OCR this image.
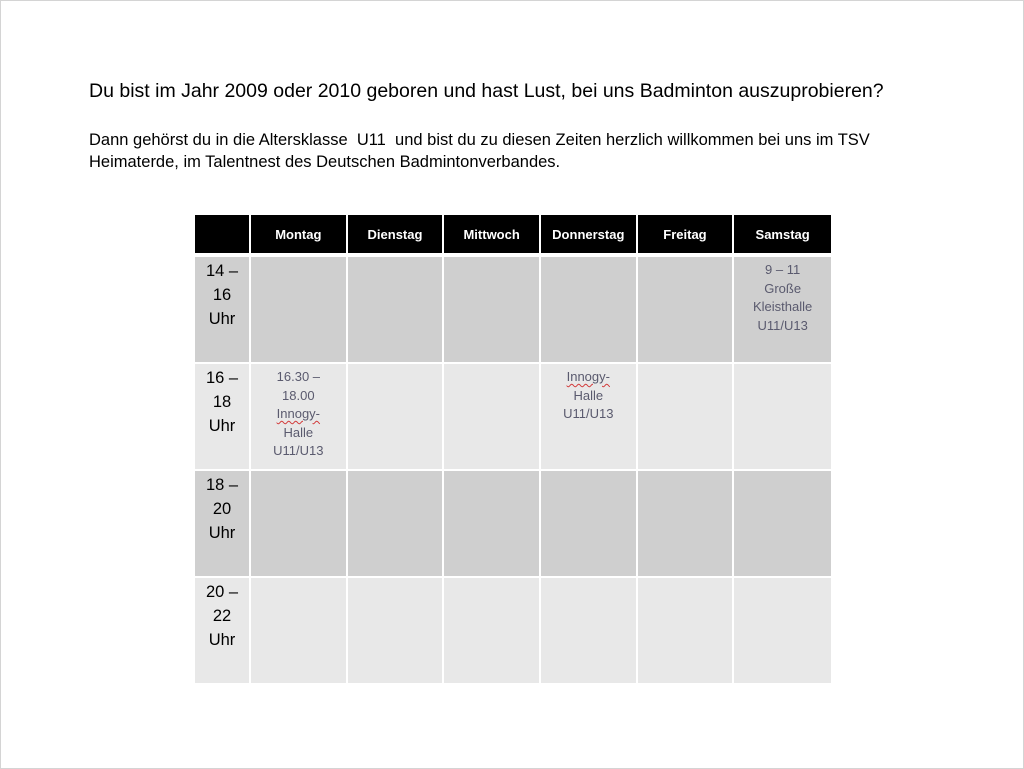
Du bist im Jahr 2009 oder 2010 geboren und hast Lust, bei uns Badminton auszuprobieren?
Dann gehörst du in die Altersklasse  U11  und bist du zu diesen Zeiten herzlich willkommen bei uns im TSV
Heimaterde, im Talentnest des Deutschen Badmintonverbandes.
	Montag	Dienstag	Mittwoch	Donnerstag	Freitag	Samstag

14 –
16
Uhr						9 – 11
Große
Kleisthalle
U11/U13

16 –
18
Uhr	16.30 –
18.00
Innogy-
Halle
U11/U13			Innogy-
Halle
U11/U13		

18 –
20
Uhr						

20 –
22
Uhr						
